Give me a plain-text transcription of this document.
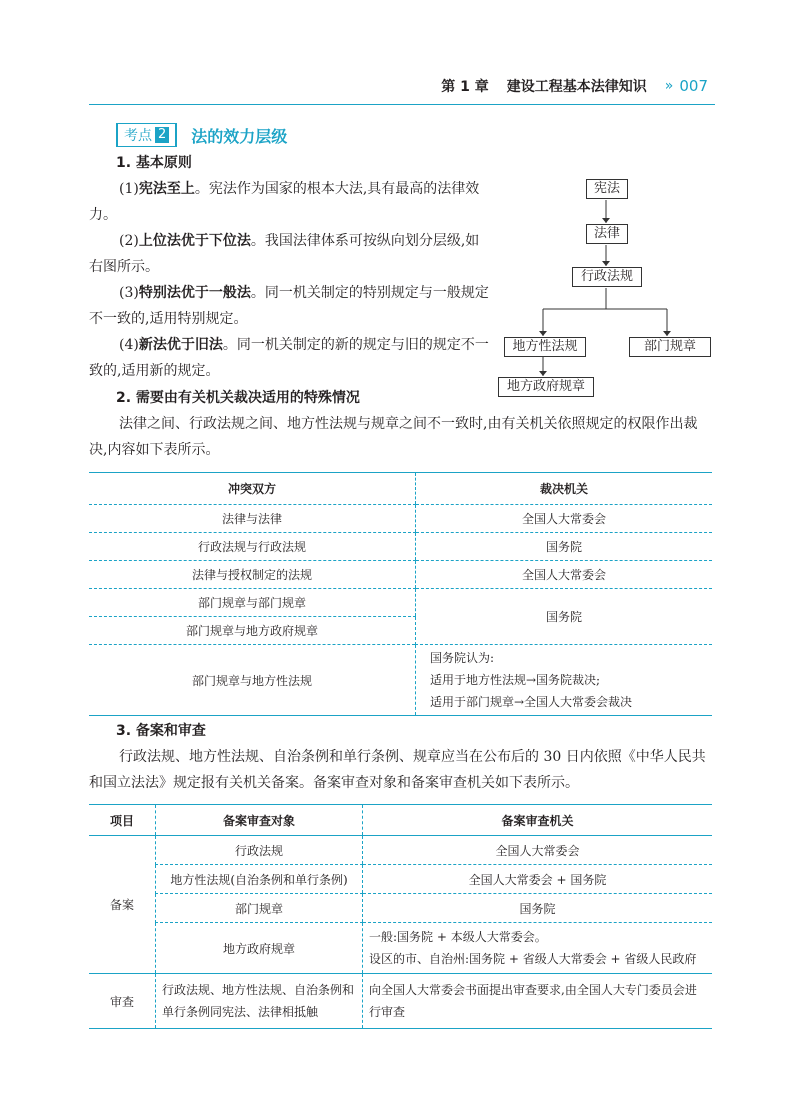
第 1 章 建设工程基本法律知识 » 007
考点 2 法的效力层级
1. 基本原则
(1)宪法至上。宪法作为国家的根本大法,具有最高的法律效力。
(2)上位法优于下位法。我国法律体系可按纵向划分层级,如右图所示。
(3)特别法优于一般法。同一机关制定的特别规定与一般规定不一致的,适用特别规定。
(4)新法优于旧法。同一机关制定的新的规定与旧的规定不一致的,适用新的规定。
宪法
法律
行政法规
地方性法规	部门规章
地方政府规章
2. 需要由有关机关裁决适用的特殊情况
法律之间、行政法规之间、地方性法规与规章之间不一致时,由有关机关依照规定的权限作出裁决,内容如下表所示。
冲突双方	裁决机关
法律与法律	全国人大常委会
行政法规与行政法规	国务院
法律与授权制定的法规	全国人大常委会
部门规章与部门规章	国务院
部门规章与地方政府规章	
部门规章与地方性法规	国务院认为:
适用于地方性法规→国务院裁决;
适用于部门规章→全国人大常委会裁决
3. 备案和审查
行政法规、地方性法规、自治条例和单行条例、规章应当在公布后的 30 日内依照《中华人民共和国立法法》规定报有关机关备案。备案审查对象和备案审查机关如下表所示。
项目	备案审查对象	备案审查机关
备案	行政法规	全国人大常委会
	地方性法规(自治条例和单行条例)	全国人大常委会 + 国务院
	部门规章	国务院
	地方政府规章	一般:国务院 + 本级人大常委会。
设区的市、自治州:国务院 + 省级人大常委会 + 省级人民政府

审查	行政法规、地方性法规、自治条例和单行条例同宪法、法律相抵触	向全国人大常委会书面提出审查要求,由全国人大专门委员会进行审查
